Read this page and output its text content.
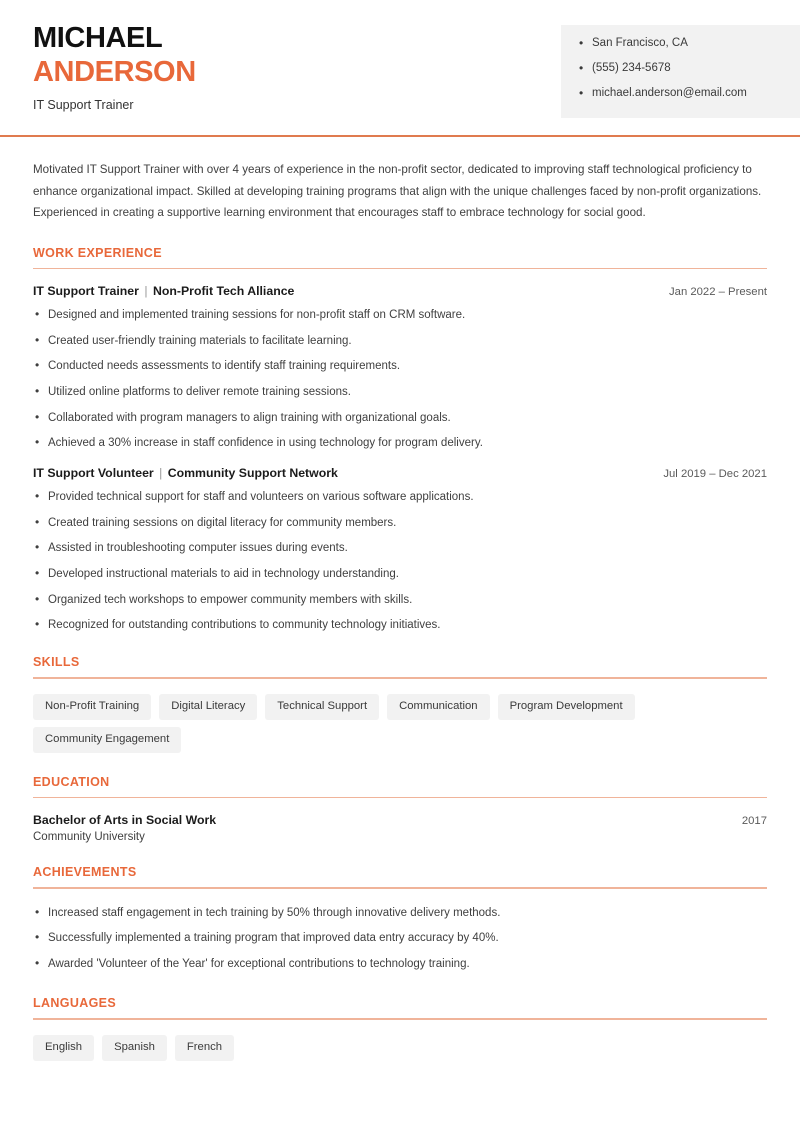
MICHAEL
ANDERSON
IT Support Trainer
• San Francisco, CA
• (555) 234-5678
• michael.anderson@email.com

Motivated IT Support Trainer with over 4 years of experience in the non-profit sector, dedicated to improving staff technological proficiency to enhance organizational impact. Skilled at developing training programs that align with the unique challenges faced by non-profit organizations. Experienced in creating a supportive learning environment that encourages staff to embrace technology for social good.

WORK EXPERIENCE
IT Support Trainer | Non-Profit Tech Alliance	Jan 2022 – Present
• Designed and implemented training sessions for non-profit staff on CRM software.
• Created user-friendly training materials to facilitate learning.
• Conducted needs assessments to identify staff training requirements.
• Utilized online platforms to deliver remote training sessions.
• Collaborated with program managers to align training with organizational goals.
• Achieved a 30% increase in staff confidence in using technology for program delivery.
IT Support Volunteer | Community Support Network	Jul 2019 – Dec 2021
• Provided technical support for staff and volunteers on various software applications.
• Created training sessions on digital literacy for community members.
• Assisted in troubleshooting computer issues during events.
• Developed instructional materials to aid in technology understanding.
• Organized tech workshops to empower community members with skills.
• Recognized for outstanding contributions to community technology initiatives.
SKILLS
Non-Profit Training	Digital Literacy	Technical Support	Communication	Program Development
Community Engagement
EDUCATION
Bachelor of Arts in Social Work	2017
Community University
ACHIEVEMENTS
• Increased staff engagement in tech training by 50% through innovative delivery methods.
• Successfully implemented a training program that improved data entry accuracy by 40%.
• Awarded 'Volunteer of the Year' for exceptional contributions to technology training.
LANGUAGES
English	Spanish	French
